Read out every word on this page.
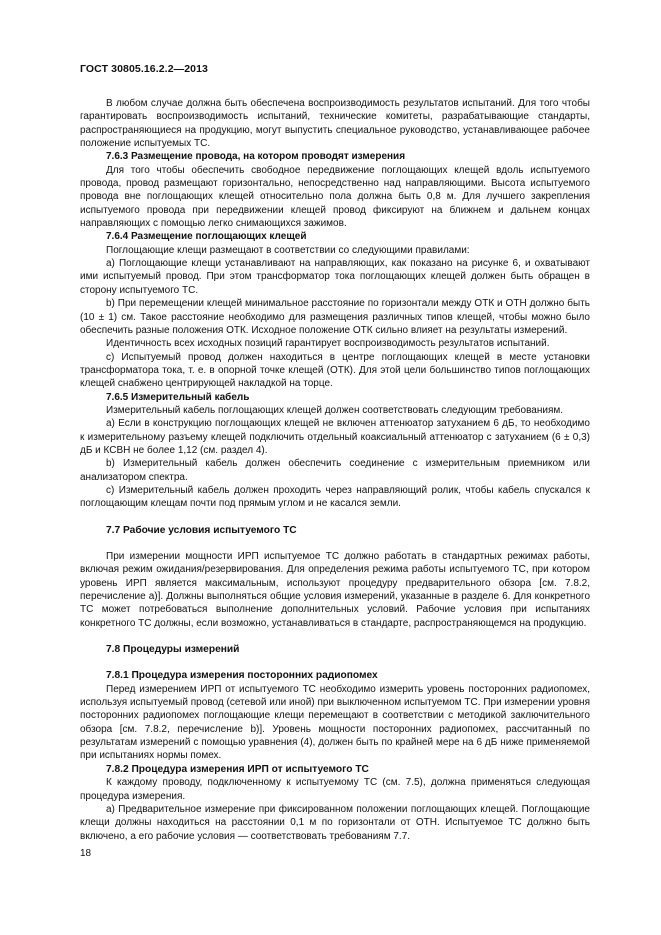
ГОСТ 30805.16.2.2—2013

В любом случае должна быть обеспечена воспроизводимость результатов испытаний. Для того чтобы гарантировать воспроизводимость испытаний, технические комитеты, разрабатывающие стандарты, распространяющиеся на продукцию, могут выпустить специальное руководство, устанавливающее рабочее положение испытуемых ТС.

7.6.3 Размещение провода, на котором проводят измерения

Для того чтобы обеспечить свободное передвижение поглощающих клещей вдоль испытуемого провода, провод размещают горизонтально, непосредственно над направляющими. Высота испытуемого провода вне поглощающих клещей относительно пола должна быть 0,8 м. Для лучшего закрепления испытуемого провода при передвижении клещей провод фиксируют на ближнем и дальнем концах направляющих с помощью легко снимающихся зажимов.

7.6.4 Размещение поглощающих клещей

Поглощающие клещи размещают в соответствии со следующими правилами:

a) Поглощающие клещи устанавливают на направляющих, как показано на рисунке 6, и охватывают ими испытуемый провод. При этом трансформатор тока поглощающих клещей должен быть обращен в сторону испытуемого ТС.

b) При перемещении клещей минимальное расстояние по горизонтали между ОТК и ОТН должно быть (10 ± 1) см. Такое расстояние необходимо для размещения различных типов клещей, чтобы можно было обеспечить разные положения ОТК. Исходное положение ОТК сильно влияет на результаты измерений.

Идентичность всех исходных позиций гарантирует воспроизводимость результатов испытаний.

c) Испытуемый провод должен находиться в центре поглощающих клещей в месте установки трансформатора тока, т. е. в опорной точке клещей (ОТК). Для этой цели большинство типов поглощающих клещей снабжено центрирующей накладкой на торце.

7.6.5 Измерительный кабель

Измерительный кабель поглощающих клещей должен соответствовать следующим требованиям.

a) Если в конструкцию поглощающих клещей не включен аттенюатор затуханием 6 дБ, то необходимо к измерительному разъему клещей подключить отдельный коаксиальный аттенюатор с затуханием (6 ± 0,3) дБ и КСВН не более 1,12 (см. раздел 4).

b) Измерительный кабель должен обеспечить соединение с измерительным приемником или анализатором спектра.

c) Измерительный кабель должен проходить через направляющий ролик, чтобы кабель спускался к поглощающим клещам почти под прямым углом и не касался земли.

7.7 Рабочие условия испытуемого ТС

При измерении мощности ИРП испытуемое ТС должно работать в стандартных режимах работы, включая режим ожидания/резервирования. Для определения режима работы испытуемого ТС, при котором уровень ИРП является максимальным, используют процедуру предварительного обзора [см. 7.8.2, перечисление a)]. Должны выполняться общие условия измерений, указанные в разделе 6. Для конкретного ТС может потребоваться выполнение дополнительных условий. Рабочие условия при испытаниях конкретного ТС должны, если возможно, устанавливаться в стандарте, распространяющемся на продукцию.

7.8 Процедуры измерений
7.8.1 Процедура измерения посторонних радиопомех

Перед измерением ИРП от испытуемого ТС необходимо измерить уровень посторонних радиопомех, используя испытуемый провод (сетевой или иной) при выключенном испытуемом ТС. При измерении уровня посторонних радиопомех поглощающие клещи перемещают в соответствии с методикой заключительного обзора [см. 7.8.2, перечисление b)]. Уровень мощности посторонних радиопомех, рассчитанный по результатам измерений с помощью уравнения (4), должен быть по крайней мере на 6 дБ ниже применяемой при испытаниях нормы помех.

7.8.2 Процедура измерения ИРП от испытуемого ТС

К каждому проводу, подключенному к испытуемому ТС (см. 7.5), должна применяться следующая процедура измерения.

a) Предварительное измерение при фиксированном положении поглощающих клещей. Поглощающие клещи должны находиться на расстоянии 0,1 м по горизонтали от ОТН. Испытуемое ТС должно быть включено, а его рабочие условия — соответствовать требованиям 7.7.

18
